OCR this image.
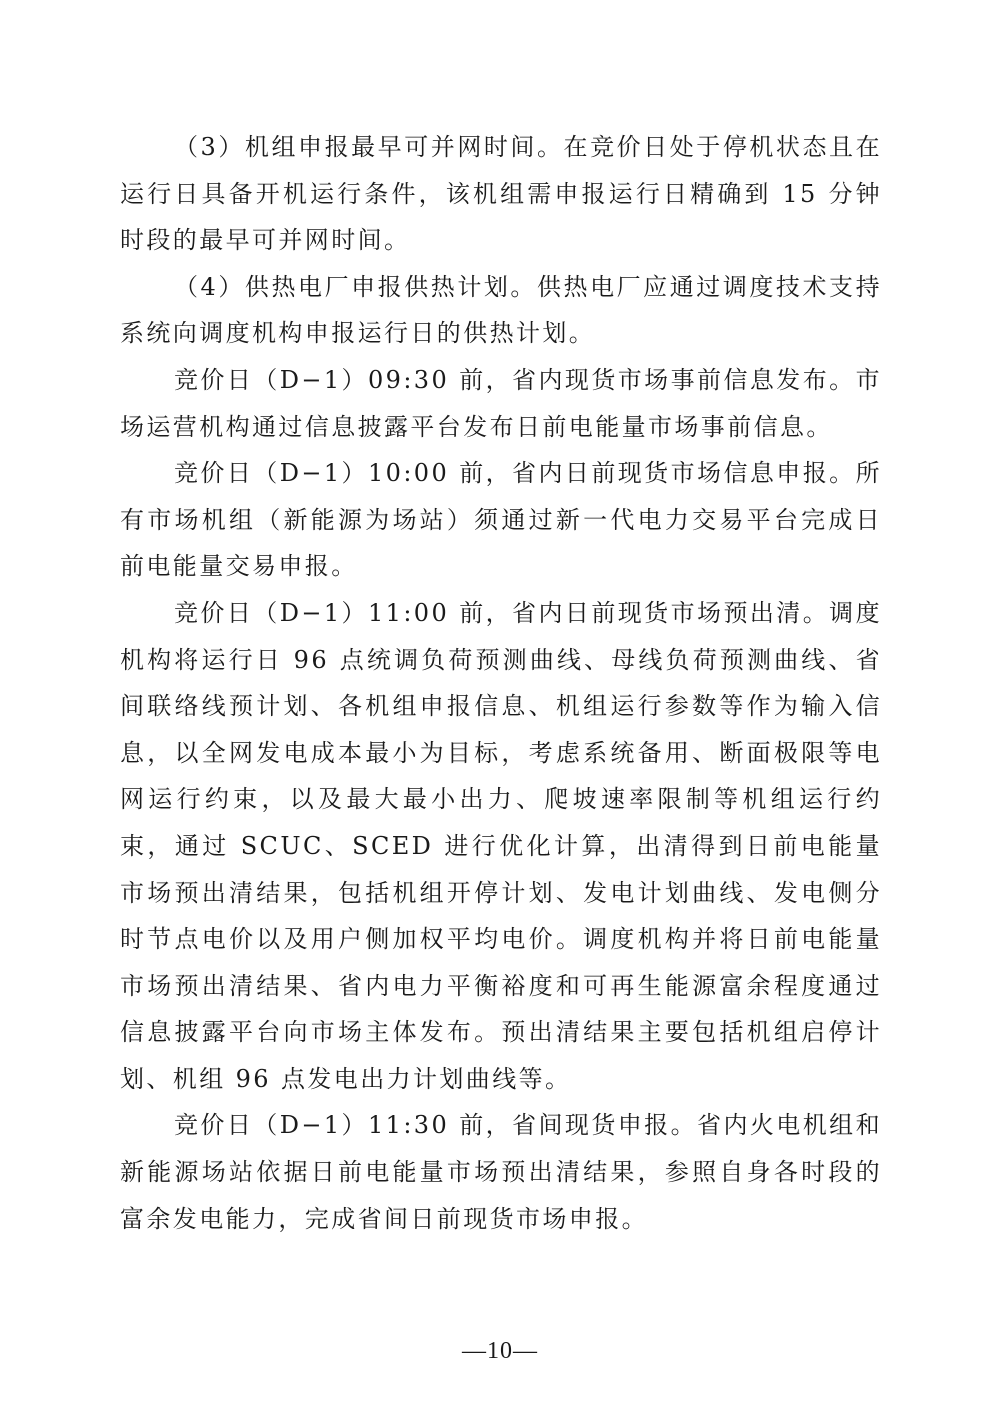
（3）机组申报最早可并网时间。在竞价日处于停机状态且在运行日具备开机运行条件，该机组需申报运行日精确到 15 分钟时段的最早可并网时间。

（4）供热电厂申报供热计划。供热电厂应通过调度技术支持系统向调度机构申报运行日的供热计划。

竞价日（D−1）09:30 前，省内现货市场事前信息发布。市场运营机构通过信息披露平台发布日前电能量市场事前信息。

竞价日（D−1）10:00 前，省内日前现货市场信息申报。所有市场机组（新能源为场站）须通过新一代电力交易平台完成日前电能量交易申报。

竞价日（D−1）11:00 前，省内日前现货市场预出清。调度机构将运行日 96 点统调负荷预测曲线、母线负荷预测曲线、省间联络线预计划、各机组申报信息、机组运行参数等作为输入信息，以全网发电成本最小为目标，考虑系统备用、断面极限等电网运行约束，以及最大最小出力、爬坡速率限制等机组运行约束，通过 SCUC、SCED 进行优化计算，出清得到日前电能量市场预出清结果，包括机组开停计划、发电计划曲线、发电侧分时节点电价以及用户侧加权平均电价。调度机构并将日前电能量市场预出清结果、省内电力平衡裕度和可再生能源富余程度通过信息披露平台向市场主体发布。预出清结果主要包括机组启停计划、机组 96 点发电出力计划曲线等。

竞价日（D−1）11:30 前，省间现货申报。省内火电机组和新能源场站依据日前电能量市场预出清结果，参照自身各时段的富余发电能力，完成省间日前现货市场申报。

—10—
